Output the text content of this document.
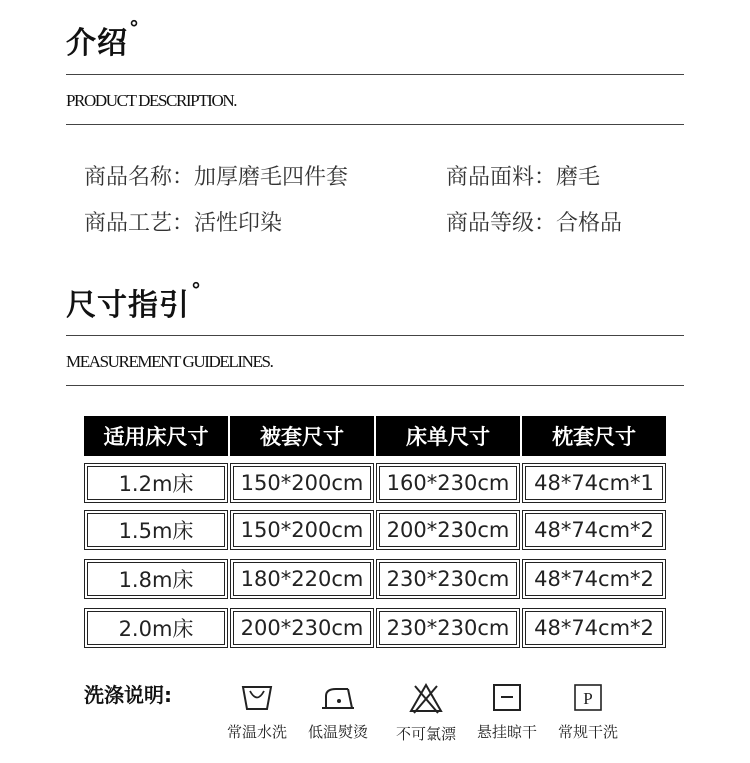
介绍°
PRODUCT DESCRIPTION.
商品名称：加厚磨毛四件套	商品面料：磨毛
商品工艺：活性印染	商品等级：合格品
尺寸指引°
MEASUREMENT GUIDELINES.
适用床尺寸	被套尺寸	床单尺寸	枕套尺寸
1.2m床	150*200cm	160*230cm	48*74cm*1
1.5m床	150*200cm	200*230cm	48*74cm*2
1.8m床	180*220cm	230*230cm	48*74cm*2
2.0m床	200*230cm	230*230cm	48*74cm*2
洗涤说明:
常温水洗	低温熨烫	不可氯漂	悬挂晾干
P
常规干洗
